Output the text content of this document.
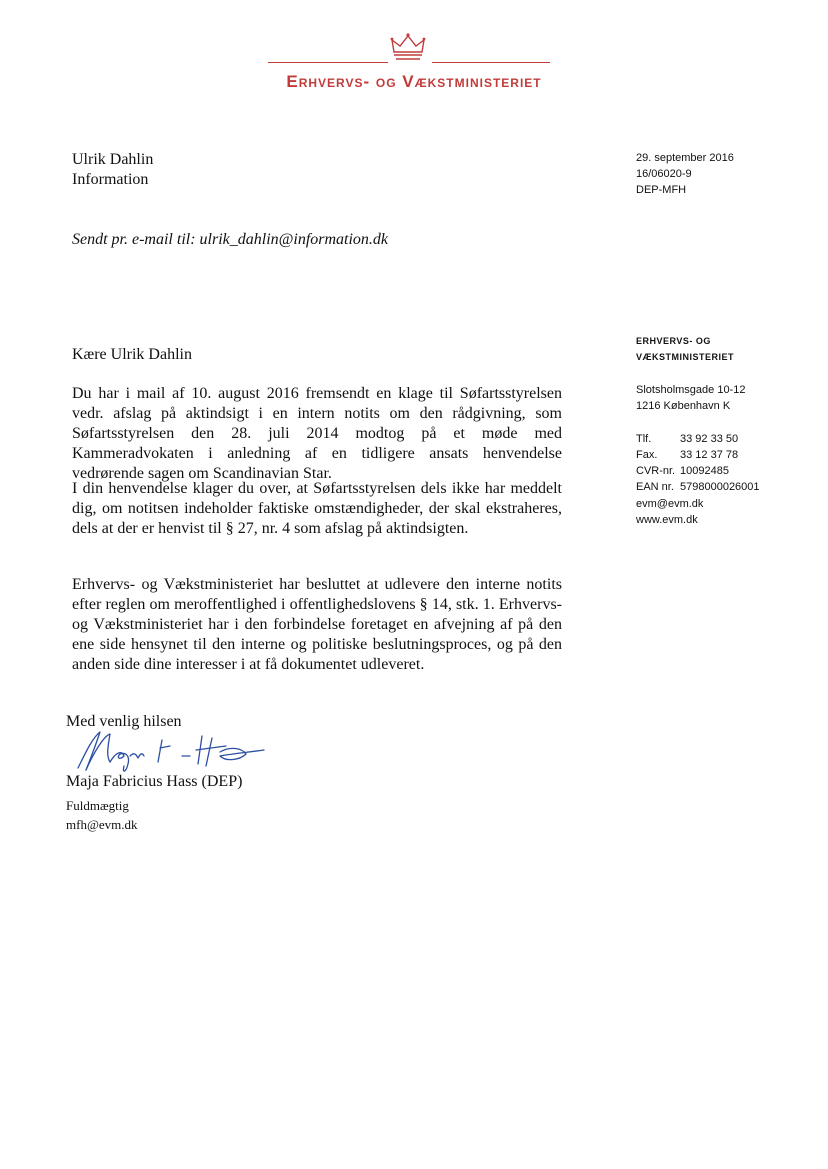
Erhvervs- og Vækstministeriet
Ulrik Dahlin
Information
Sendt pr. e-mail til: ulrik_dahlin@information.dk
29. september 2016
16/06020-9
DEP-MFH
ERHVERVS- OG
VÆKSTMINISTERIET
Slotsholmsgade 10-12
1216 København K
Tlf.	33 92 33 50
Fax. 33 12 37 78
CVR-nr. 10092485
EAN nr. 5798000026001
evm@evm.dk
www.evm.dk
Kære Ulrik Dahlin
Du har i mail af 10. august 2016 fremsendt en klage til Søfartsstyrelsen vedr. afslag på aktindsigt i en intern notits om den rådgivning, som Søfartsstyrelsen den 28. juli 2014 modtog på et møde med Kammeradvokaten i anledning af en tidligere ansats henvendelse vedrørende sagen om Scandinavian Star.
I din henvendelse klager du over, at Søfartsstyrelsen dels ikke har meddelt dig, om notitsen indeholder faktiske omstændigheder, der skal ekstraheres, dels at der er henvist til § 27, nr. 4 som afslag på aktindsigten.
Erhvervs- og Vækstministeriet har besluttet at udlevere den interne notits efter reglen om meroffentlighed i offentlighedslovens § 14, stk. 1. Erhvervs- og Vækstministeriet har i den forbindelse foretaget en afvejning af på den ene side hensynet til den interne og politiske beslutningsproces, og på den anden side dine interesser i at få dokumentet udleveret.
Med venlig hilsen
Maja Fabricius Hass (DEP)
Fuldmægtig
mfh@evm.dk
